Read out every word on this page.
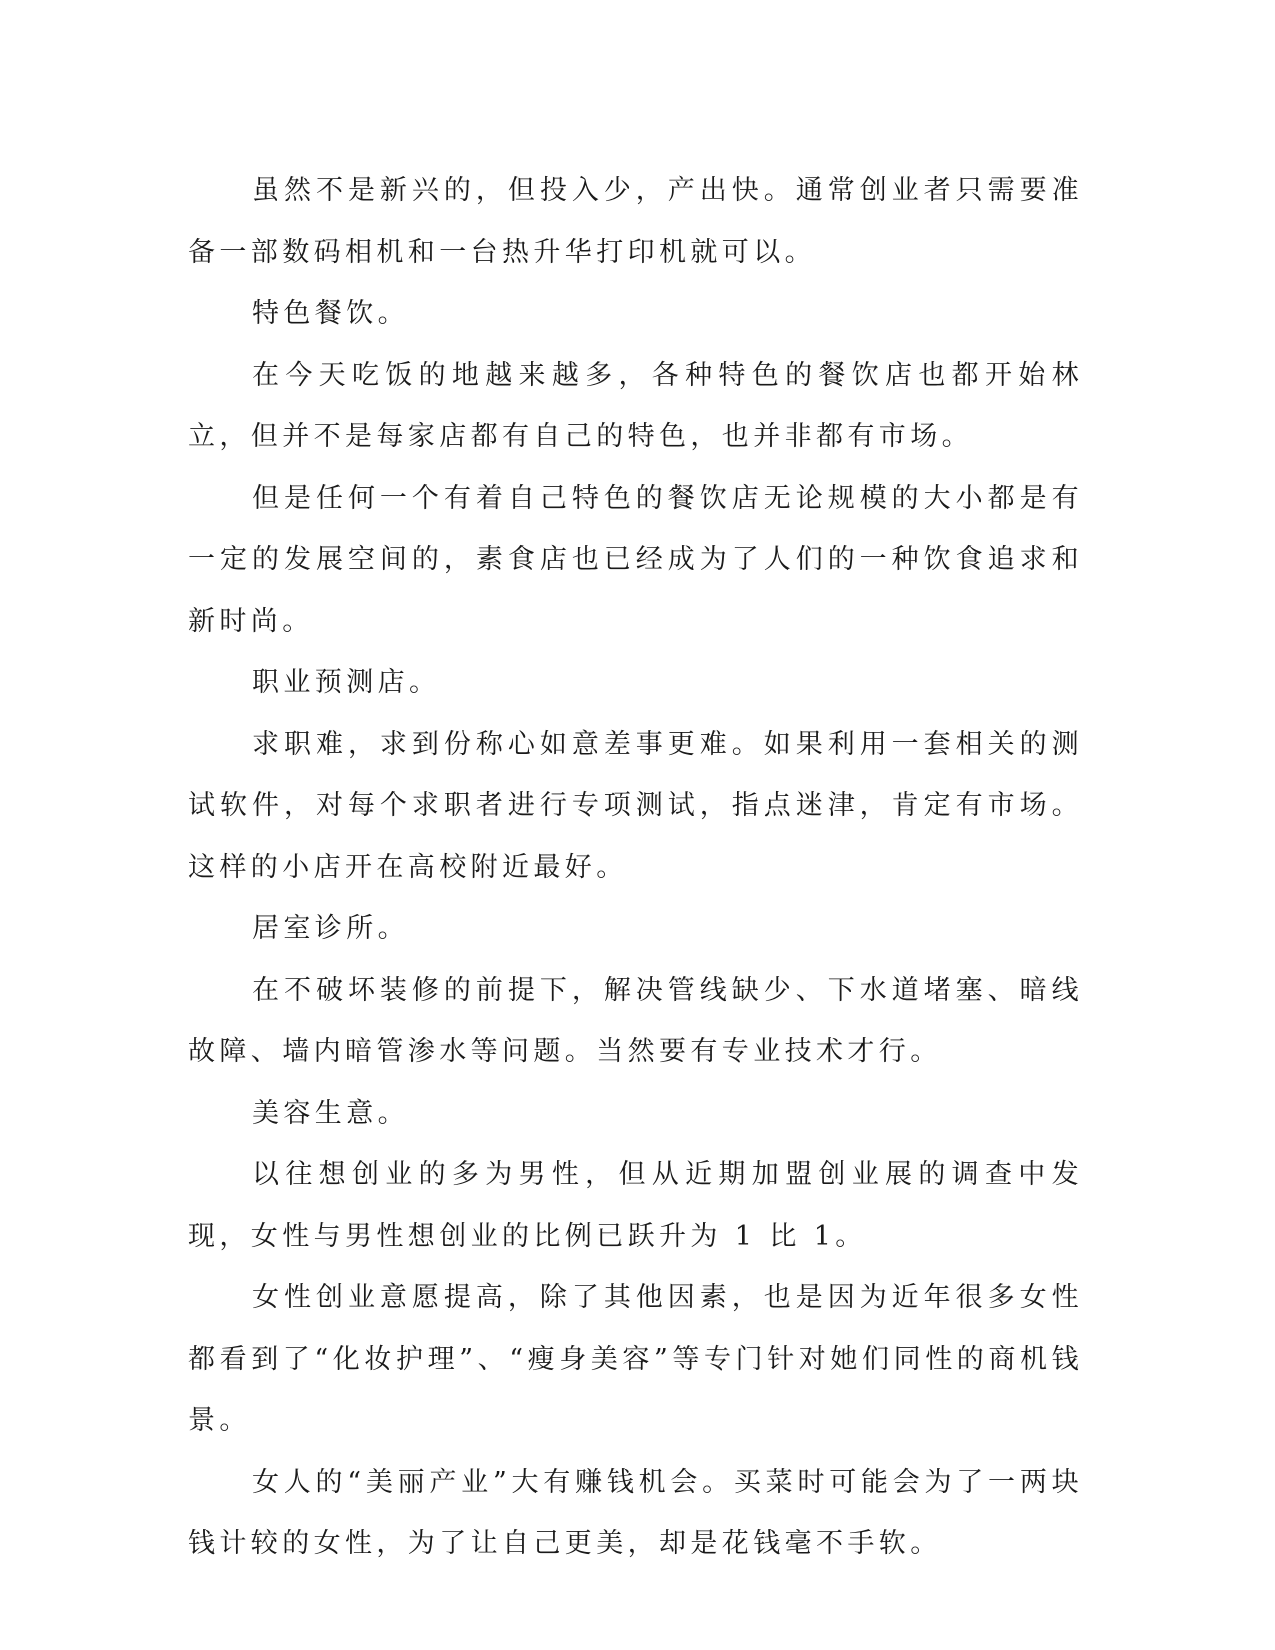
虽然不是新兴的，但投入少，产出快。通常创业者只需要准备一部数码相机和一台热升华打印机就可以。

特色餐饮。

在今天吃饭的地越来越多，各种特色的餐饮店也都开始林立，但并不是每家店都有自己的特色，也并非都有市场。

但是任何一个有着自己特色的餐饮店无论规模的大小都是有一定的发展空间的，素食店也已经成为了人们的一种饮食追求和新时尚。

职业预测店。

求职难，求到份称心如意差事更难。如果利用一套相关的测试软件，对每个求职者进行专项测试，指点迷津，肯定有市场。这样的小店开在高校附近最好。

居室诊所。

在不破坏装修的前提下，解决管线缺少、下水道堵塞、暗线故障、墙内暗管渗水等问题。当然要有专业技术才行。

美容生意。

以往想创业的多为男性，但从近期加盟创业展的调查中发现，女性与男性想创业的比例已跃升为 1 比 1。

女性创业意愿提高，除了其他因素，也是因为近年很多女性都看到了“化妆护理”、“瘦身美容”等专门针对她们同性的商机钱景。

女人的“美丽产业”大有赚钱机会。买菜时可能会为了一两块钱计较的女性，为了让自己更美，却是花钱毫不手软。
